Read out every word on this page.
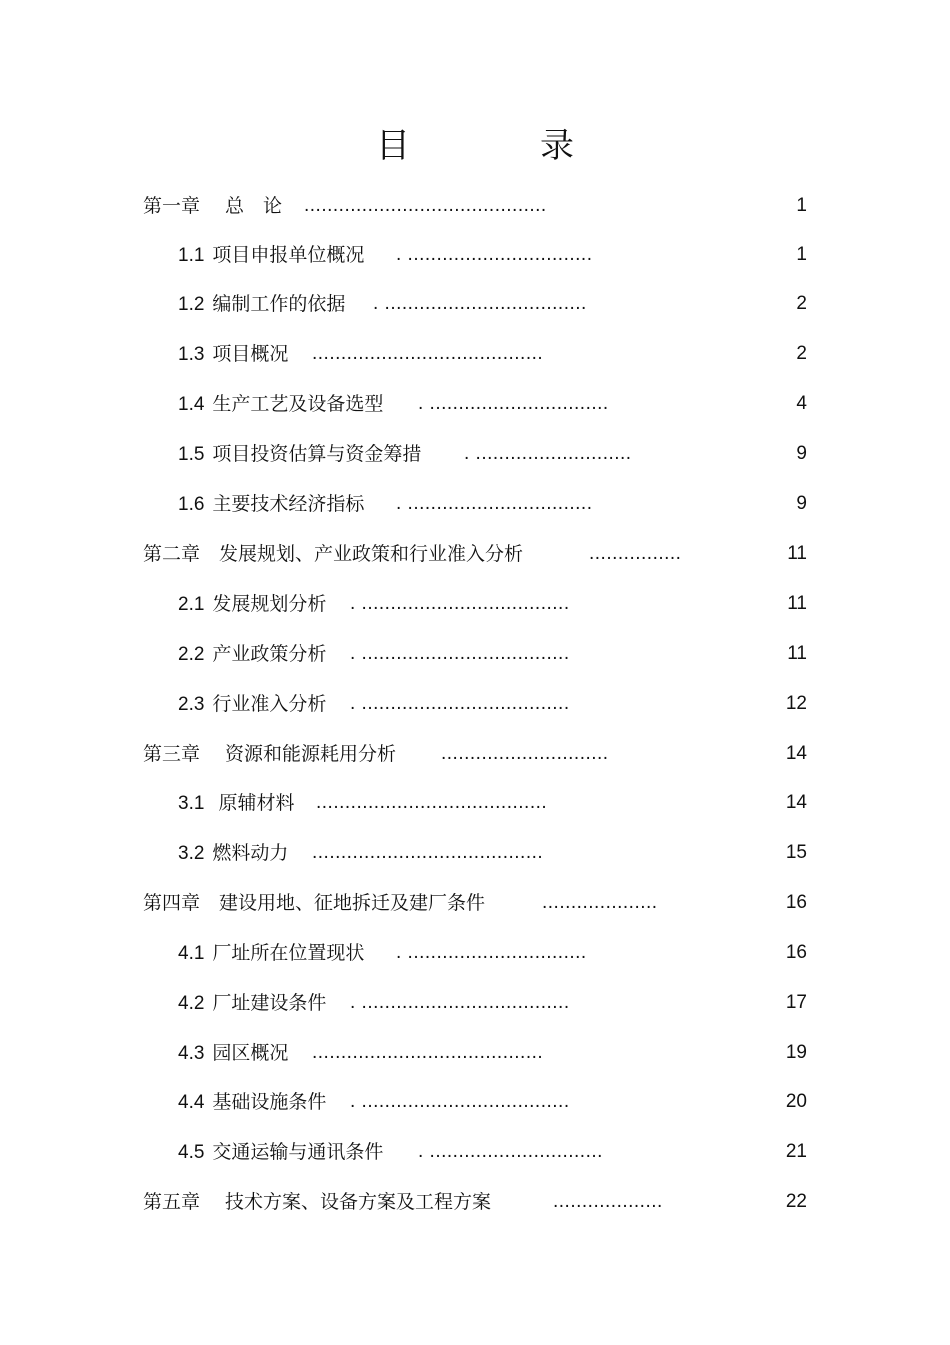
目　录
第一章　 总　论 ..........................................	1
1.1 项目申报单位概况 . ................................	1
1.2 编制工作的依据 . ...................................	2
1.3 项目概况 ........................................	2
1.4 生产工艺及设备选型 . ...............................	4
1.5 项目投资估算与资金筹措 . ...........................	9
1.6 主要技术经济指标 . ................................	9
第二章　发展规划、产业政策和行业准入分析	................	11
2.1 发展规划分析 . ....................................	11
2.2 产业政策分析 . ....................................	11
2.3 行业准入分析 . ....................................	12
第三章　 资源和能源耗用分析 .............................	14
3.1 原辅材料 ........................................	14
3.2 燃料动力 ........................................	15
第四章　建设用地、征地拆迁及建厂条件	....................	16
4.1 厂址所在位置现状 . ...............................	16
4.2 厂址建设条件 . ....................................	17
4.3 园区概况 ........................................	19
4.4 基础设施条件 . ....................................	20
4.5 交通运输与通讯条件 . ..............................	21
第五章　 技术方案、设备方案及工程方案	...................	22
